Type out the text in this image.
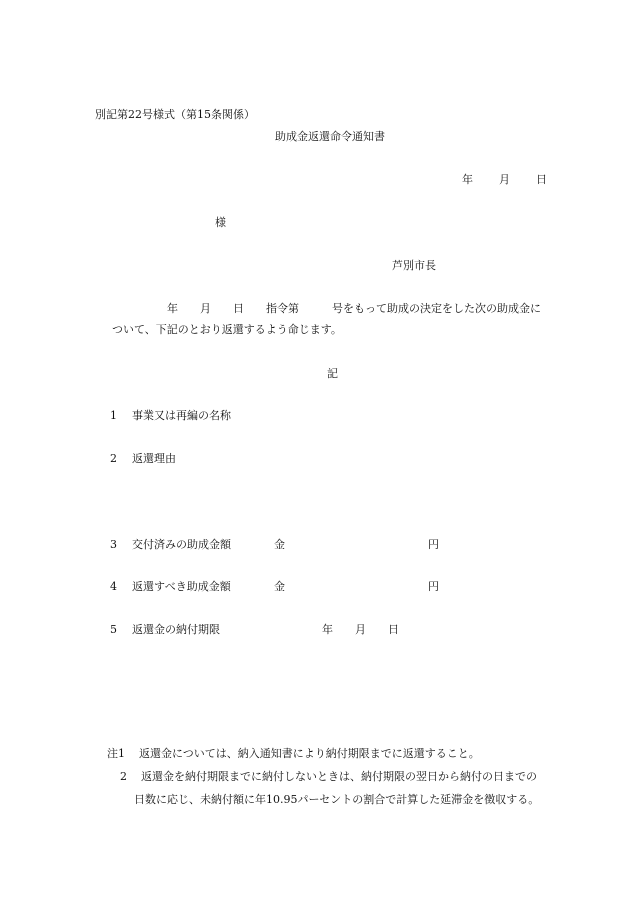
別記第22号様式（第15条関係）
助成金返還命令通知書
年 月 日
様
芦別市長
年　　月　　日　　指令第　　　号をもって助成の決定をした次の助成金に
ついて、下記のとおり返還するよう命じます。
記
1 事業又は再編の名称
2 返還理由
3 交付済みの助成金額	金	円
4 返還すべき助成金額	金	円
5 返還金の納付期限	年　　月　　日
注1 返還金については、納入通知書により納付期限までに返還すること。
2 返還金を納付期限までに納付しないときは、納付期限の翌日から納付の日までの
日数に応じ、未納付額に年10.95パーセントの割合で計算した延滞金を徴収する。
